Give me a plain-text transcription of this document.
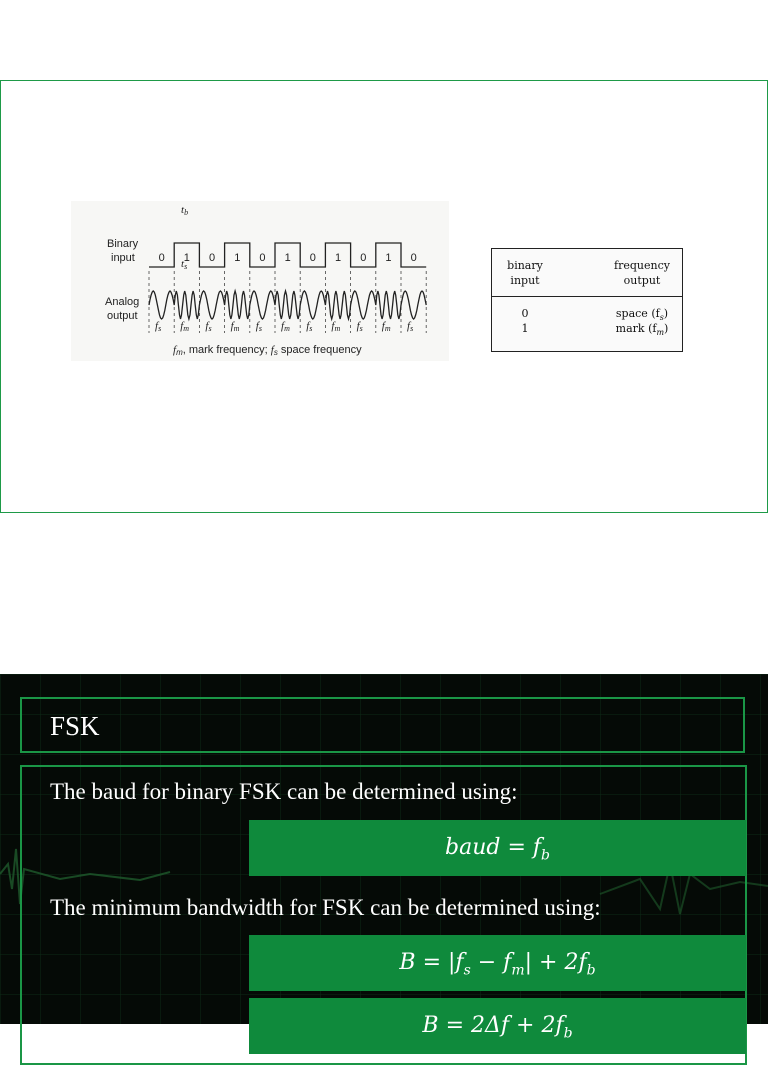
Binary
input
Analog
output
tb
ts
0 1 0 1 0 1 0 1 0 1 0
fs fm fs fm fs fm fs fm fs fm fs
fm, mark frequency; fs space frequency
binary
input
frequency
output
0
1
space $(f_s)$
mark $(f_m)$
FSK
The baud for binary FSK can be determined using:
baud = $f_b$
The minimum bandwidth for FSK can be determined using:
$B = |f_s - f_m| + 2f_b$
$B = 2\Delta f + 2f_b$
